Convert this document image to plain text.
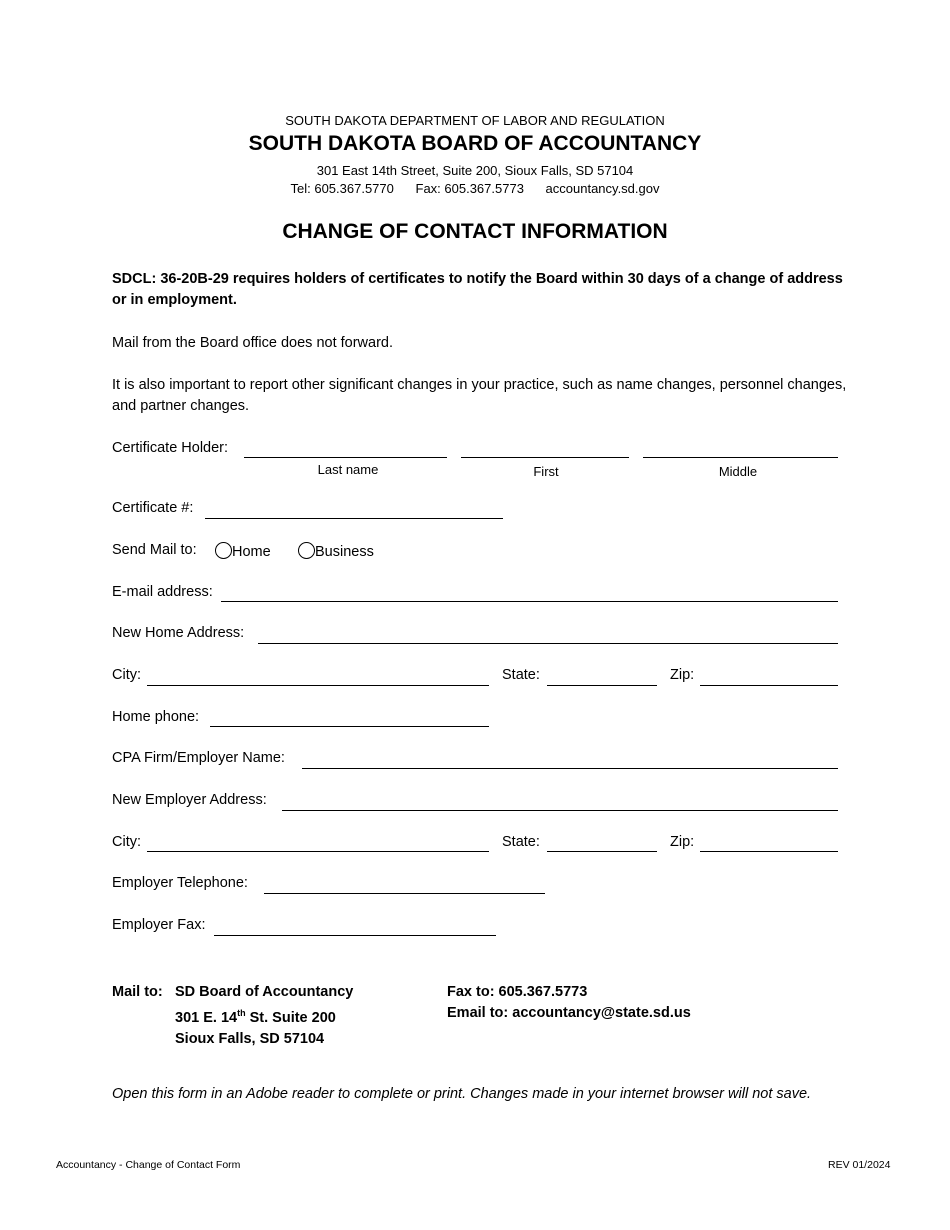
SOUTH DAKOTA DEPARTMENT OF LABOR AND REGULATION
SOUTH DAKOTA BOARD OF ACCOUNTANCY
301 East 14th Street, Suite 200, Sioux Falls, SD 57104
Tel: 605.367.5770 Fax: 605.367.5773 accountancy.sd.gov
CHANGE OF CONTACT INFORMATION
SDCL: 36-20B-29 requires holders of certificates to notify the Board within 30 days of a change of address or in employment.
Mail from the Board office does not forward.
It is also important to report other significant changes in your practice, such as name changes, personnel changes, and partner changes.
Certificate Holder:
Last name	First	Middle
Certificate #:
Send Mail to:	Home	Business
E-mail address:
New Home Address:
City:	State:	Zip:
Home phone:
CPA Firm/Employer Name:
New Employer Address:
City:	State:	Zip:
Employer Telephone:
Employer Fax:
Mail to: SD Board of Accountancy
301 E. 14th St. Suite 200
Sioux Falls, SD 57104
Fax to: 605.367.5773
Email to: accountancy@state.sd.us
Open this form in an Adobe reader to complete or print. Changes made in your internet browser will not save.
Accountancy - Change of Contact Form	REV 01/2024
